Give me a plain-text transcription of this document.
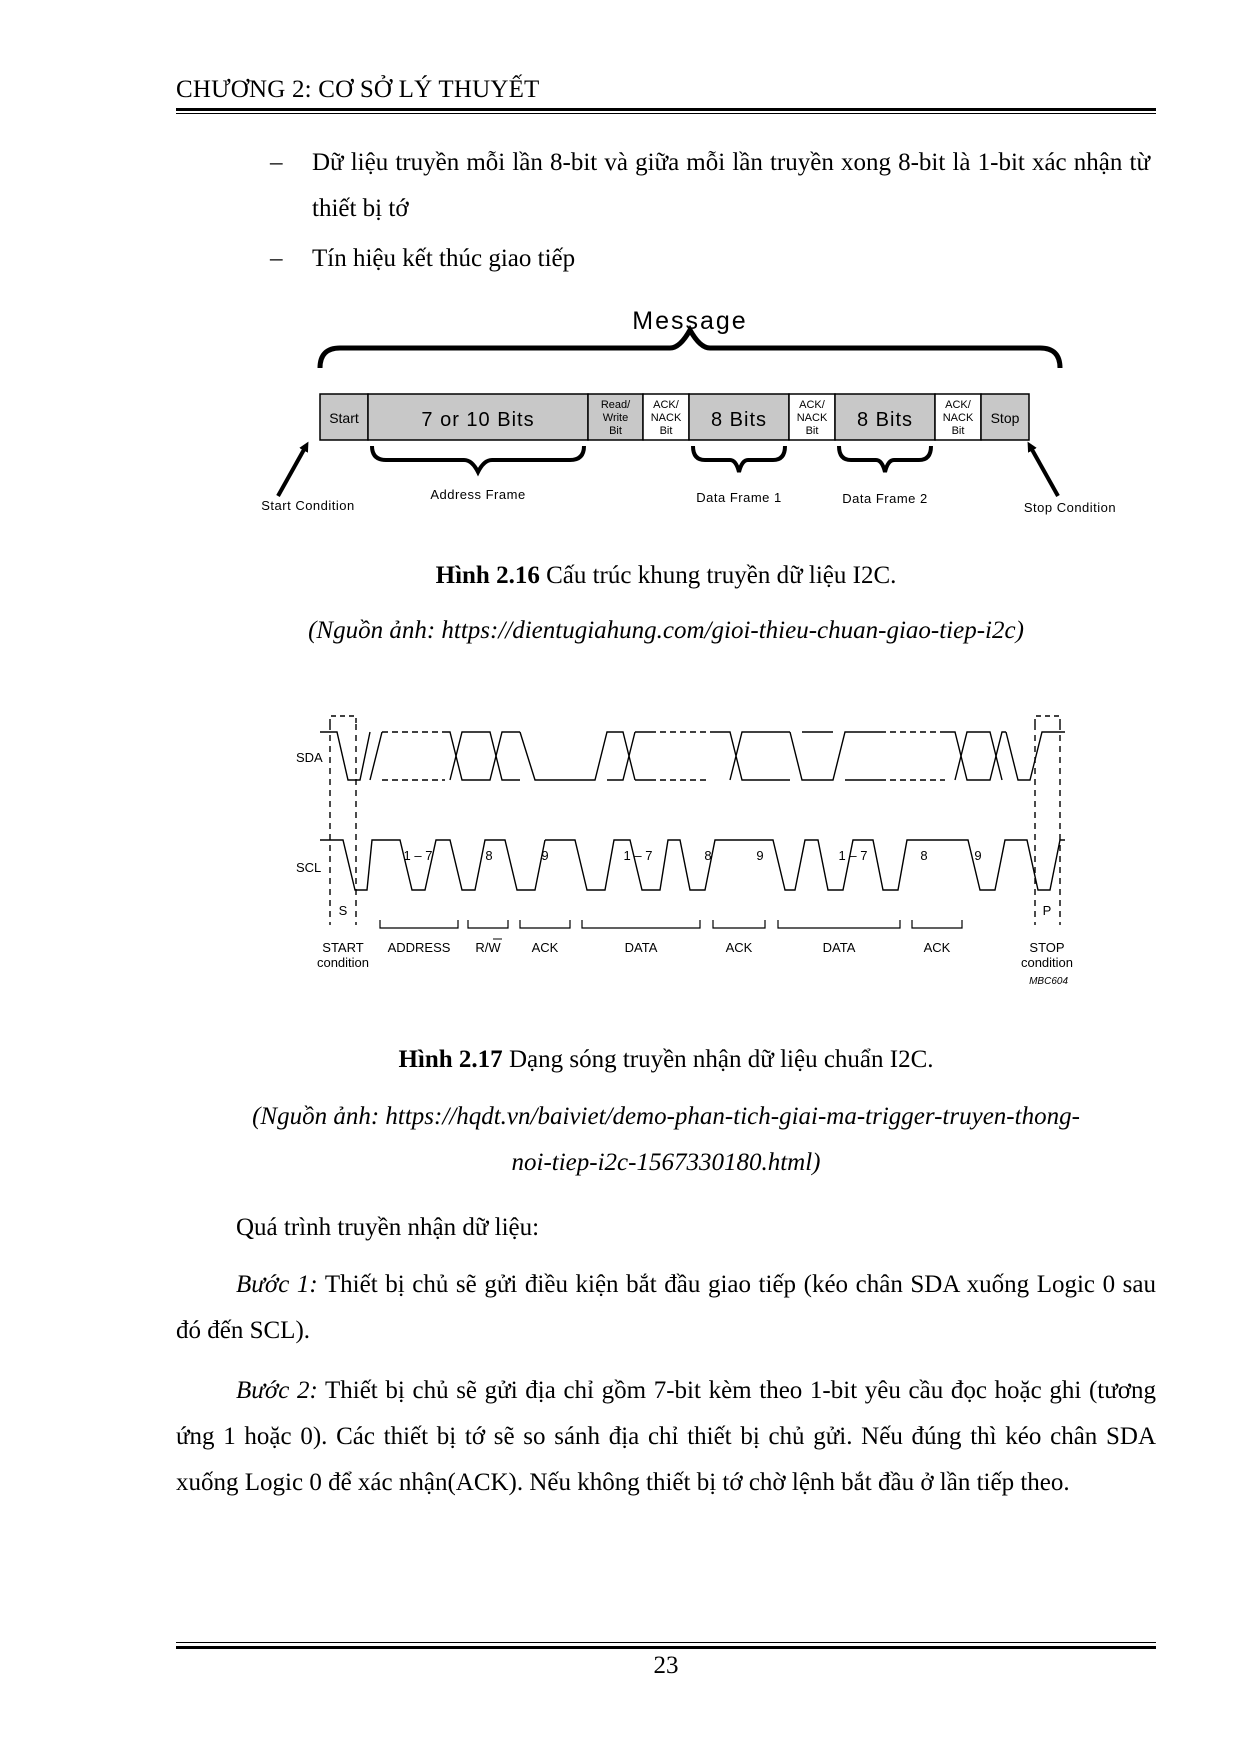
CHƯƠNG 2: CƠ SỞ LÝ THUYẾT
– Dữ liệu truyền mỗi lần 8-bit và giữa mỗi lần truyền xong 8-bit là 1-bit xác nhận từ thiết bị tớ
– Tín hiệu kết thúc giao tiếp
Message
Start	7 or 10 Bits
Read/
Write
Bit
ACK/
NACK
Bit 8 Bits
ACK/
NACK
Bit 8 Bits
ACK/
NACK
Bit
Stop
Start Condition
Address Frame	Data Frame 1	Data Frame 2
Stop Condition
Hình 2.16 Cấu trúc khung truyền dữ liệu I2C.
(Nguồn ảnh: https://dientugiahung.com/gioi-thieu-chuan-giao-tiep-i2c)
SDA
SCL
1 – 7	8	9	1 – 7	8	9	1 – 7	8	9
S	P
START
condition
ADDRESS R/W ACK	DATA	ACK	DATA	ACK	STOP
condition
MBC604
Hình 2.17 Dạng sóng truyền nhận dữ liệu chuẩn I2C.
(Nguồn ảnh: https://hqdt.vn/baiviet/demo-phan-tich-giai-ma-trigger-truyen-thong-
noi-tiep-i2c-1567330180.html)
Quá trình truyền nhận dữ liệu:
Bước 1: Thiết bị chủ sẽ gửi điều kiện bắt đầu giao tiếp (kéo chân SDA xuống Logic 0 sau đó đến SCL).
Bước 2: Thiết bị chủ sẽ gửi địa chỉ gồm 7-bit kèm theo 1-bit yêu cầu đọc hoặc ghi (tương ứng 1 hoặc 0). Các thiết bị tớ sẽ so sánh địa chỉ thiết bị chủ gửi. Nếu đúng thì kéo chân SDA xuống Logic 0 để xác nhận(ACK). Nếu không thiết bị tớ chờ lệnh bắt đầu ở lần tiếp theo.
23
